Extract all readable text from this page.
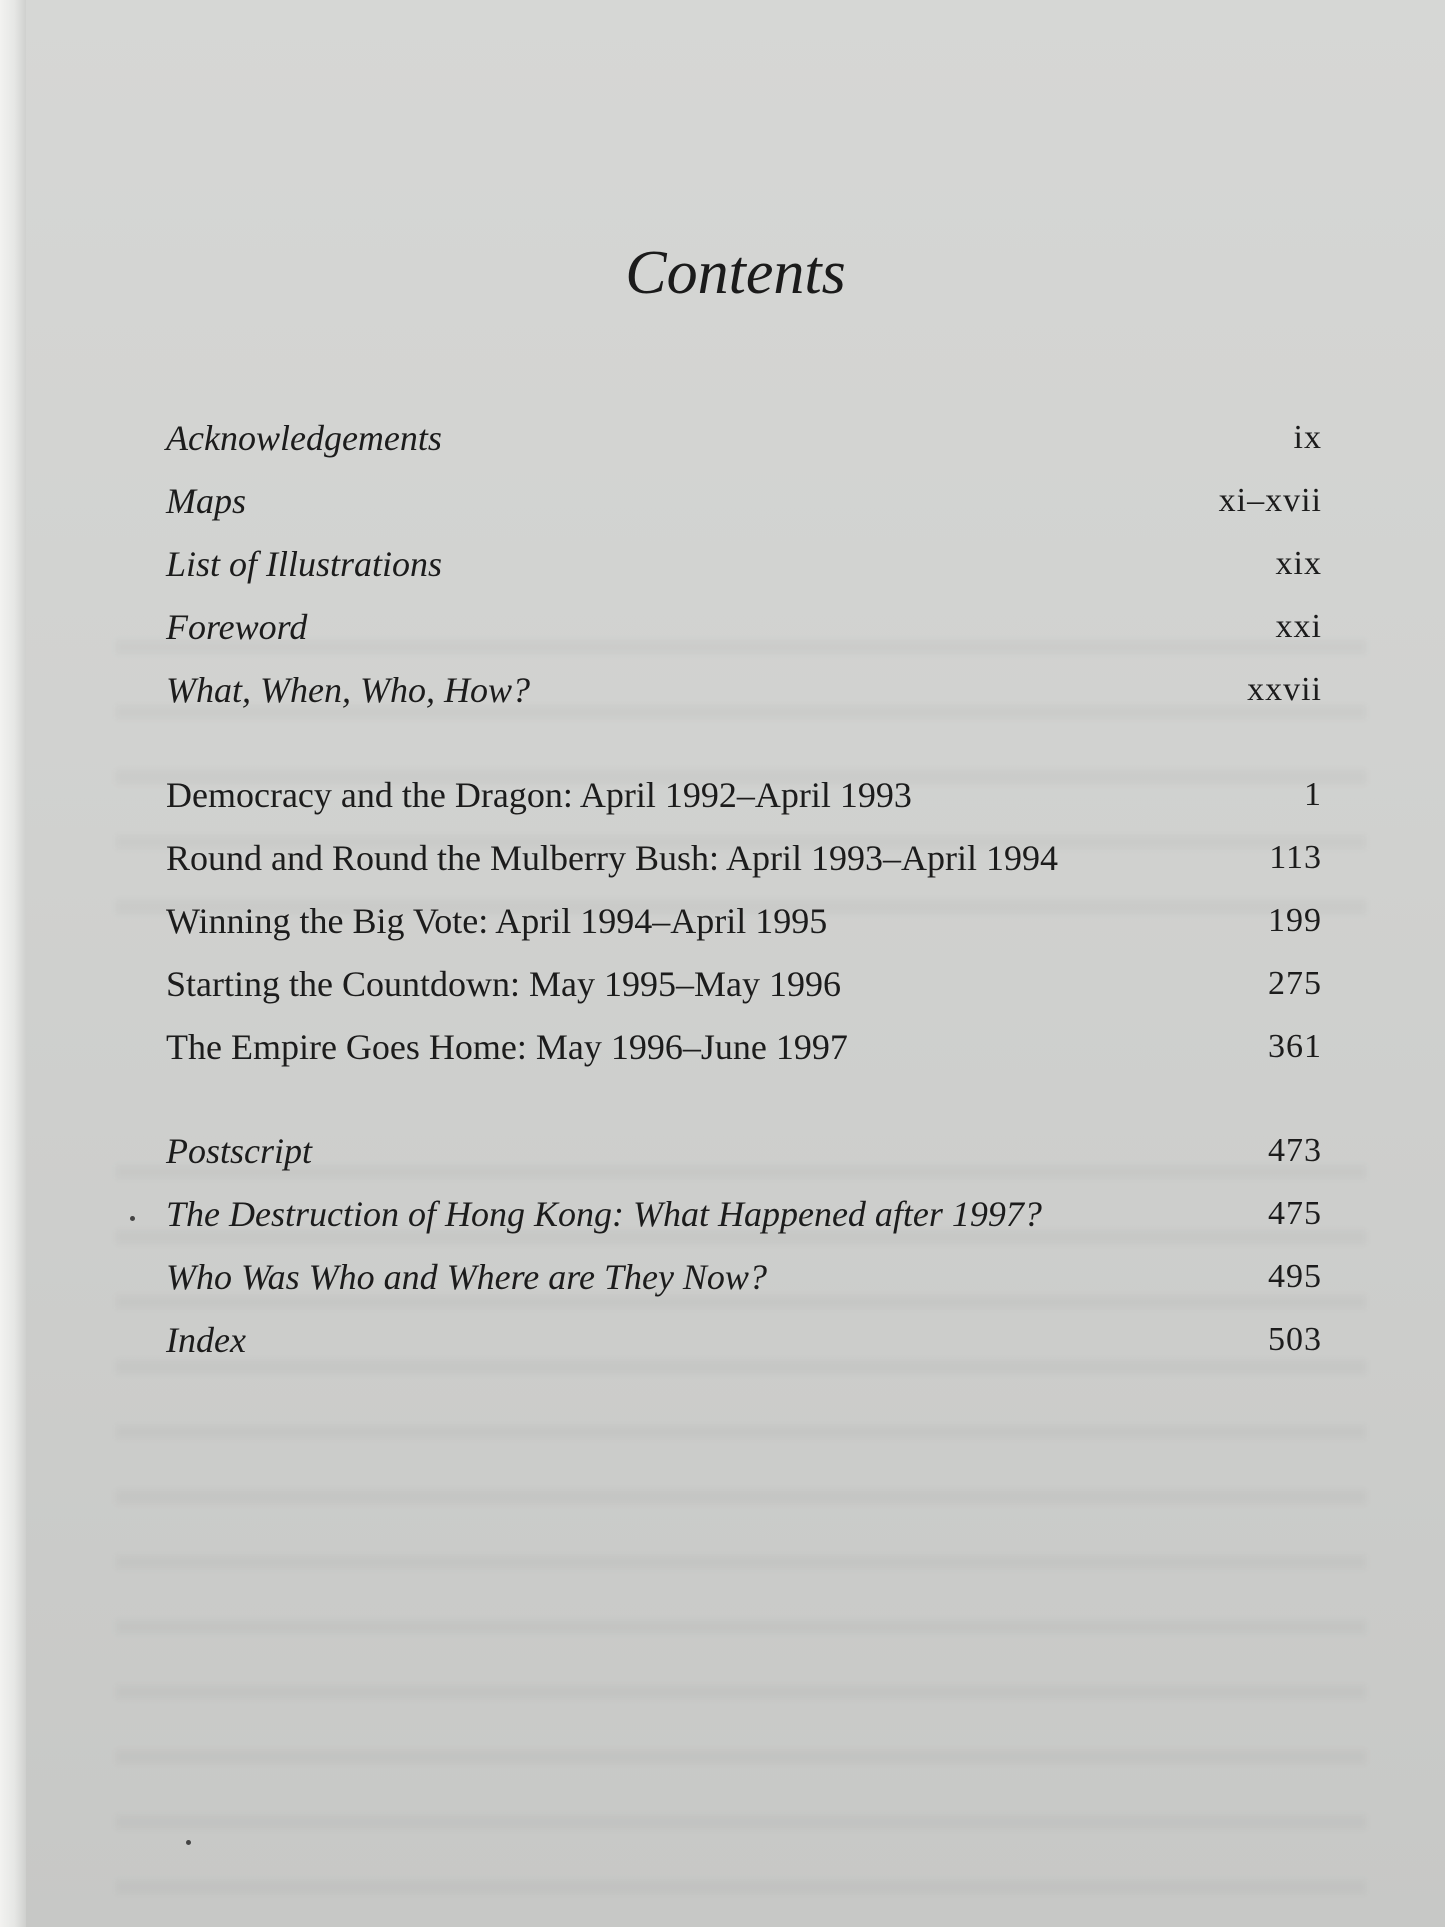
Contents
Acknowledgements	ix
Maps	xi–xvii
List of Illustrations	xix
Foreword	xxi
What, When, Who, How?	xxvii
Democracy and the Dragon: April 1992–April 1993	1
Round and Round the Mulberry Bush: April 1993–April 1994	113
Winning the Big Vote: April 1994–April 1995	199
Starting the Countdown: May 1995–May 1996	275
The Empire Goes Home: May 1996–June 1997	361
Postscript	473
The Destruction of Hong Kong: What Happened after 1997?	475
Who Was Who and Where are They Now?	495
Index	503
